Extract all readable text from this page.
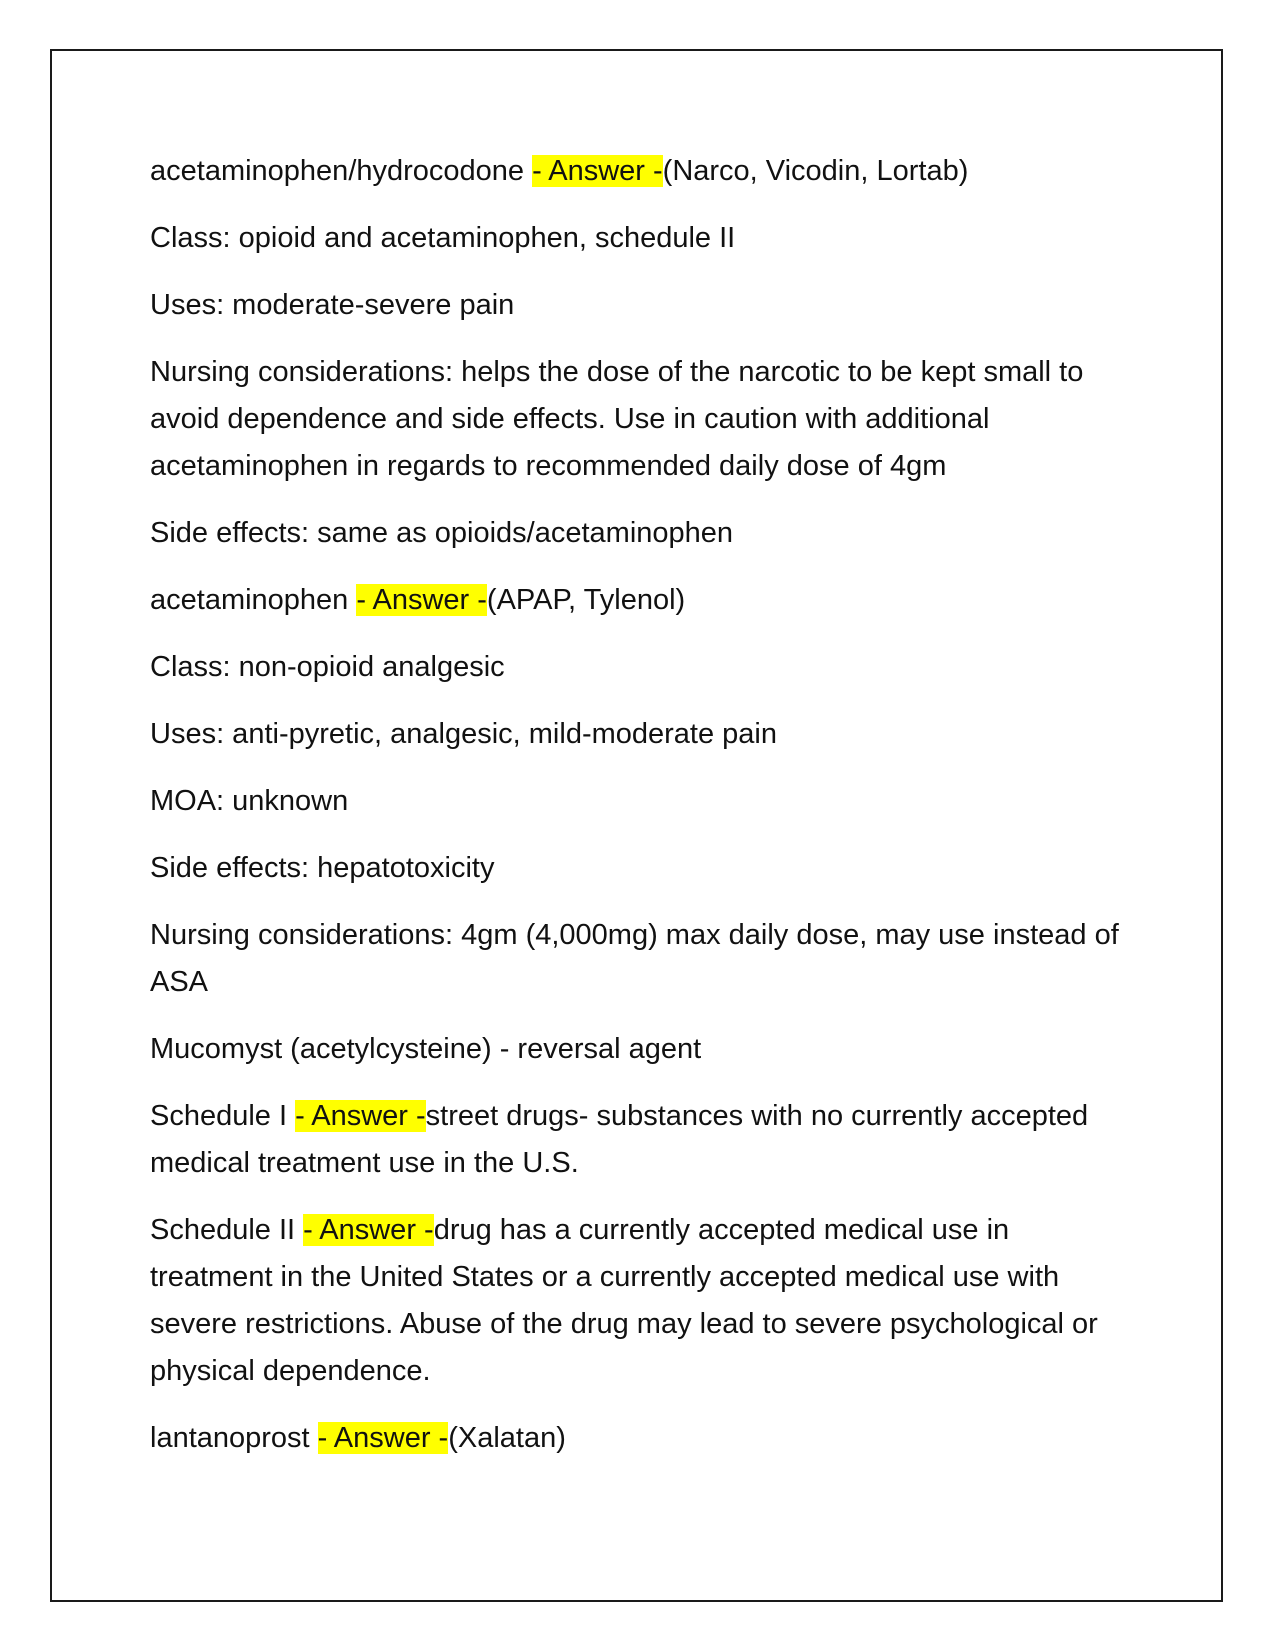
acetaminophen/hydrocodone - Answer -(Narco, Vicodin, Lortab)

Class: opioid and acetaminophen, schedule II

Uses: moderate-severe pain

Nursing considerations: helps the dose of the narcotic to be kept small to avoid dependence and side effects. Use in caution with additional acetaminophen in regards to recommended daily dose of 4gm

Side effects: same as opioids/acetaminophen

acetaminophen - Answer -(APAP, Tylenol)

Class: non-opioid analgesic

Uses: anti-pyretic, analgesic, mild-moderate pain

MOA: unknown

Side effects: hepatotoxicity

Nursing considerations: 4gm (4,000mg) max daily dose, may use instead of ASA

Mucomyst (acetylcysteine) - reversal agent

Schedule I - Answer -street drugs- substances with no currently accepted medical treatment use in the U.S.

Schedule II - Answer -drug has a currently accepted medical use in treatment in the United States or a currently accepted medical use with severe restrictions. Abuse of the drug may lead to severe psychological or physical dependence.

lantanoprost - Answer -(Xalatan)
